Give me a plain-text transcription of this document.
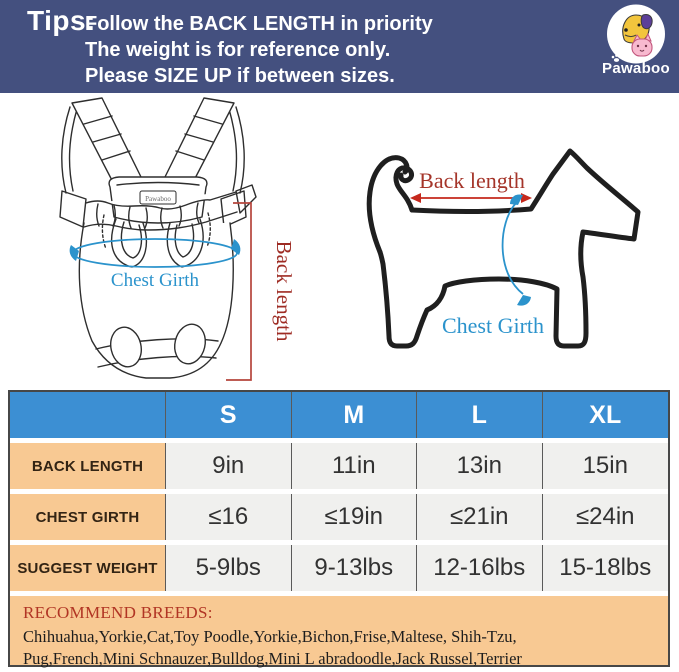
Tips:
Follow the BACK LENGTH in priority
The weight is for reference only.
Please SIZE UP if between sizes.	Pawaboo
Pawaboo
Chest Girth	Back length
Back length
Chest Girth
S	M	L	XL
BACK LENGTH	9in	11in	13in	15in
CHEST GIRTH	≤16	≤19in	≤21in	≤24in
SUGGEST WEIGHT	5-9lbs	9-13lbs	12-16lbs	15-18lbs
RECOMMEND BREEDS:
Chihuahua,Yorkie,Cat,Toy Poodle,Yorkie,Bichon,Frise,Maltese, Shih-Tzu,
Pug,French,Mini Schnauzer,Bulldog,Mini L abradoodle,Jack Russel,Terrier
